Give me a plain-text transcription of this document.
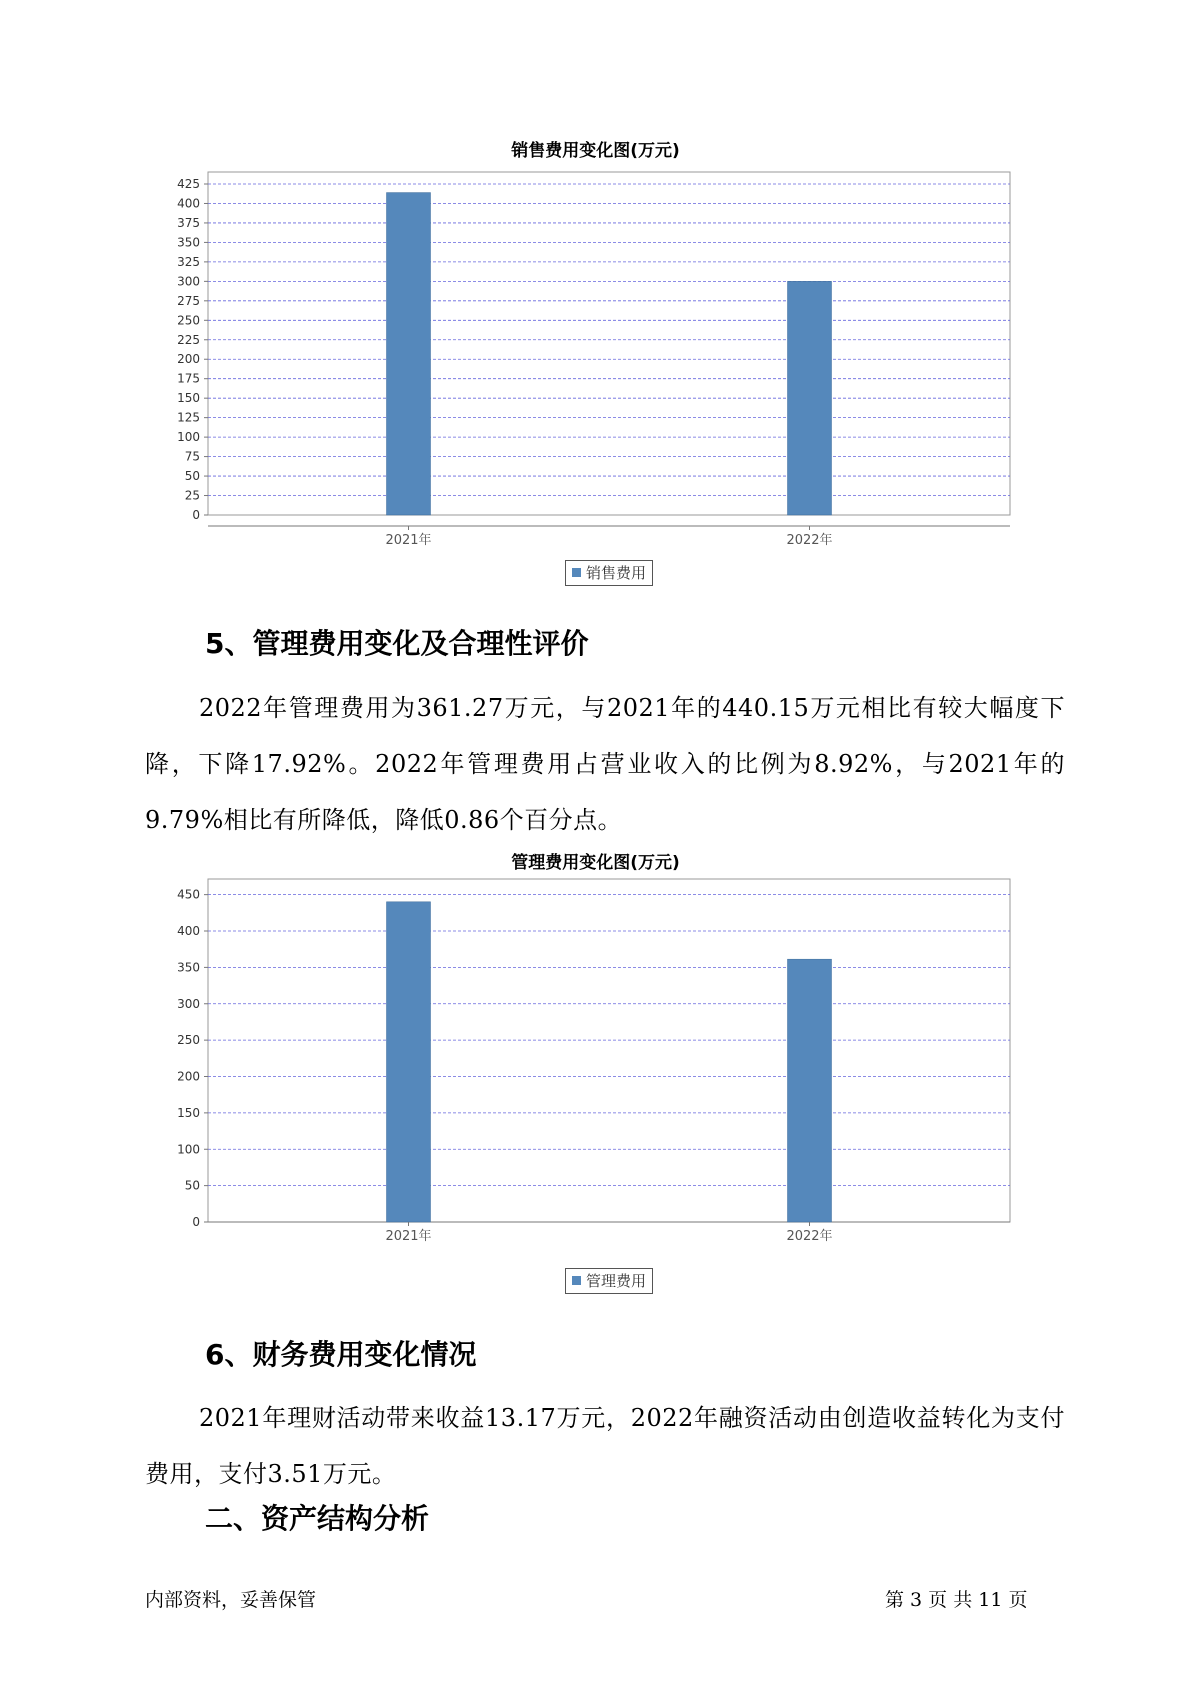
销售费用变化图(万元)
0
25
50
75
100
125
150
175
200
225
250
275
300
325
350
375
400
425
2021年	2022年
销售费用
5、管理费用变化及合理性评价
2022年管理费用为361.27万元，与2021年的440.15万元相比有较大幅度下降，下降17.92%。2022年管理费用占营业收入的比例为8.92%，与2021年的9.79%相比有所降低，降低0.86个百分点。
管理费用变化图(万元)
0
50
100
150
200
250
300
350
400
450
2021年	2022年
管理费用
6、财务费用变化情况
2021年理财活动带来收益13.17万元，2022年融资活动由创造收益转化为支付费用，支付3.51万元。
二、资产结构分析
内部资料，妥善保管	第 3 页 共 11 页
